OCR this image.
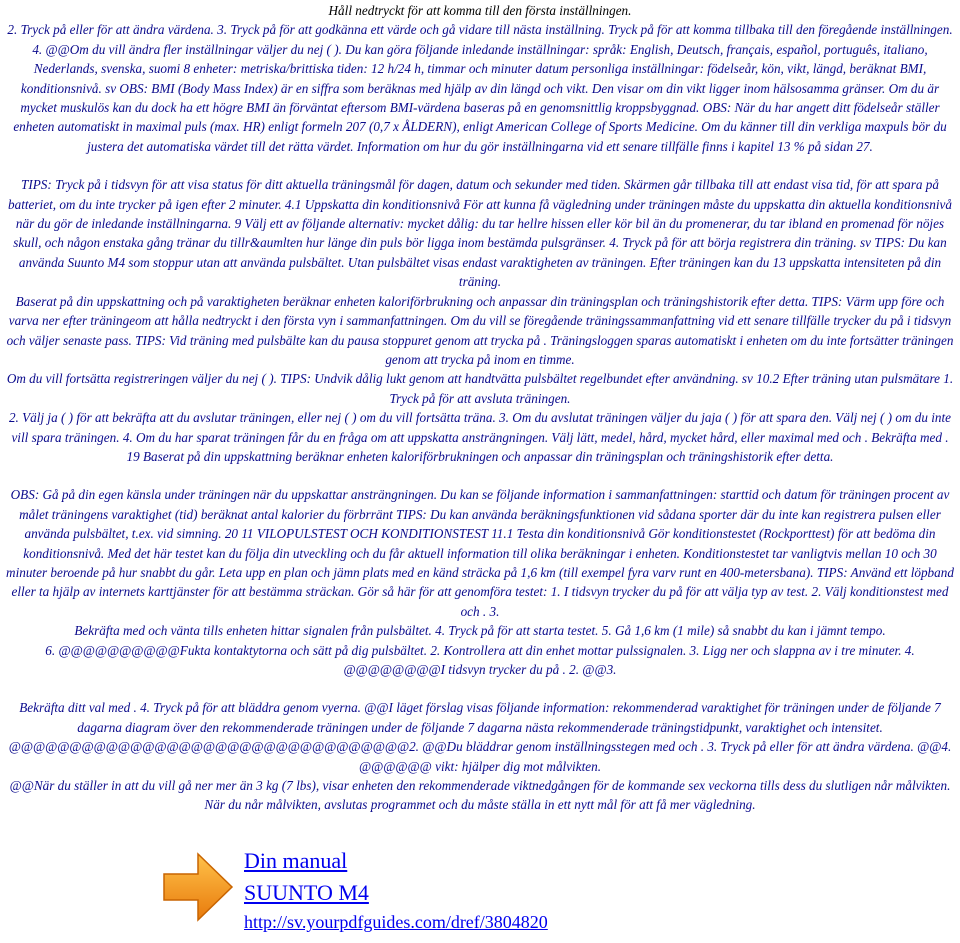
Håll nedtryckt för att komma till den första inställningen.

2. Tryck på eller för att ändra värdena. 3. Tryck på för att godkänna ett värde och gå vidare till nästa inställning. Tryck på för att komma tillbaka till den föregående inställningen.

4. @@Om du vill ändra fler inställningar väljer du nej ( ). Du kan göra följande inledande inställningar: språk: English, Deutsch, français, español, português, italiano, Nederlands, svenska, suomi 8 enheter: metriska/brittiska tiden: 12 h/24 h, timmar och minuter datum personliga inställningar: födelseår, kön, vikt, längd, beräknat BMI, konditionsnivå. sv OBS: BMI (Body Mass Index) är en siffra som beräknas med hjälp av din längd och vikt. Den visar om din vikt ligger inom hälsosamma gränser. Om du är mycket muskulös kan du dock ha ett högre BMI än förväntat eftersom BMI-värdena baseras på en genomsnittlig kroppsbyggnad. OBS: När du har angett ditt födelseår ställer enheten automatiskt in maximal puls (max. HR) enligt formeln 207 (0,7 x ÅLDERN), enligt American College of Sports Medicine. Om du känner till din verkliga maxpuls bör du justera det automatiska värdet till det rätta värdet. Information om hur du gör inställningarna vid ett senare tillfälle finns i kapitel 13 % på sidan 27.

TIPS: Tryck på i tidsvyn för att visa status för ditt aktuella träningsmål för dagen, datum och sekunder med tiden. Skärmen går tillbaka till att endast visa tid, för att spara på batteriet, om du inte trycker på igen efter 2 minuter. 4.1 Uppskatta din konditionsnivå För att kunna få vägledning under träningen måste du uppskatta din aktuella konditionsnivå när du gör de inledande inställningarna. 9 Välj ett av följande alternativ: mycket dålig: du tar hellre hissen eller kör bil än du promenerar, du tar ibland en promenad för nöjes skull, och någon enstaka gång tränar du tillr&aumlten hur länge din puls bör ligga inom bestämda pulsgränser. 4. Tryck på för att börja registrera din träning. sv TIPS: Du kan använda Suunto M4 som stoppur utan att använda pulsbältet. Utan pulsbältet visas endast varaktigheten av träningen. Efter träningen kan du 13 uppskatta intensiteten på din träning.

Baserat på din uppskattning och på varaktigheten beräknar enheten kaloriförbrukning och anpassar din träningsplan och träningshistorik efter detta. TIPS: Värm upp före och varva ner efter träningeom att hålla nedtryckt i den första vyn i sammanfattningen. Om du vill se föregående träningssammanfattning vid ett senare tillfälle trycker du på i tidsvyn och väljer senaste pass. TIPS: Vid träning med pulsbälte kan du pausa stoppuret genom att trycka på . Träningsloggen sparas automatiskt i enheten om du inte fortsätter träningen genom att trycka på inom en timme.

Om du vill fortsätta registreringen väljer du nej ( ). TIPS: Undvik dålig lukt genom att handtvätta pulsbältet regelbundet efter användning. sv 10.2 Efter träning utan pulsmätare 1. Tryck på för att avsluta träningen.

2. Välj ja ( ) för att bekräfta att du avslutar träningen, eller nej ( ) om du vill fortsätta träna. 3. Om du avslutat träningen väljer du jaja ( ) för att spara den. Välj nej ( ) om du inte vill spara träningen. 4. Om du har sparat träningen får du en fråga om att uppskatta ansträngningen. Välj lätt, medel, hård, mycket hård, eller maximal med och . Bekräfta med . 19 Baserat på din uppskattning beräknar enheten kaloriförbrukningen och anpassar din träningsplan och träningshistorik efter detta.

OBS: Gå på din egen känsla under träningen när du uppskattar ansträngningen. Du kan se följande information i sammanfattningen: starttid och datum för träningen procent av målet träningens varaktighet (tid) beräknat antal kalorier du förbrränt TIPS: Du kan använda beräkningsfunktionen vid sådana sporter där du inte kan registrera pulsen eller använda pulsbältet, t.ex. vid simning. 20 11 VILOPULSTEST OCH KONDITIONSTEST 11.1 Testa din konditionsnivå Gör konditionstestet (Rockporttest) för att bedöma din konditionsnivå. Med det här testet kan du följa din utveckling och du får aktuell information till olika beräkningar i enheten. Konditionstestet tar vanligtvis mellan 10 och 30 minuter beroende på hur snabbt du går. Leta upp en plan och jämn plats med en känd sträcka på 1,6 km (till exempel fyra varv runt en 400-metersbana). TIPS: Använd ett löpband eller ta hjälp av internets karttjänster för att bestämma sträckan. Gör så här för att genomföra testet: 1. I tidsvyn trycker du på för att välja typ av test. 2. Välj konditionstest med och . 3.

Bekräfta med och vänta tills enheten hittar signalen från pulsbältet. 4. Tryck på för att starta testet. 5. Gå 1,6 km (1 mile) så snabbt du kan i jämnt tempo.

6. @@@@@@@@@@Fukta kontaktytorna och sätt på dig pulsbältet. 2. Kontrollera att din enhet mottar pulssignalen. 3. Ligg ner och slappna av i tre minuter. 4. @@@@@@@@I tidsvyn trycker du på . 2. @@3.

Bekräfta ditt val med . 4. Tryck på för att bläddra genom vyerna. @@I läget förslag visas följande information: rekommenderad varaktighet för träningen under de följande 7 dagarna diagram över den rekommenderade träningen under de följande 7 dagarna nästa rekommenderade träningstidpunkt, varaktighet och intensitet. @@@@@@@@@@@@@@@@@@@@@@@@@@@@@@@@@2. @@Du bläddrar genom inställningsstegen med och . 3. Tryck på eller för att ändra värdena. @@4. @@@@@@ vikt: hjälper dig mot målvikten.

@@När du ställer in att du vill gå ner mer än 3 kg (7 lbs), visar enheten den rekommenderade viktnedgången för de kommande sex veckorna tills dess du slutligen når målvikten. När du når målvikten, avslutas programmet och du måste ställa in ett nytt mål för att få mer vägledning.

Din manual
SUUNTO M4
http://sv.yourpdfguides.com/dref/3804820
